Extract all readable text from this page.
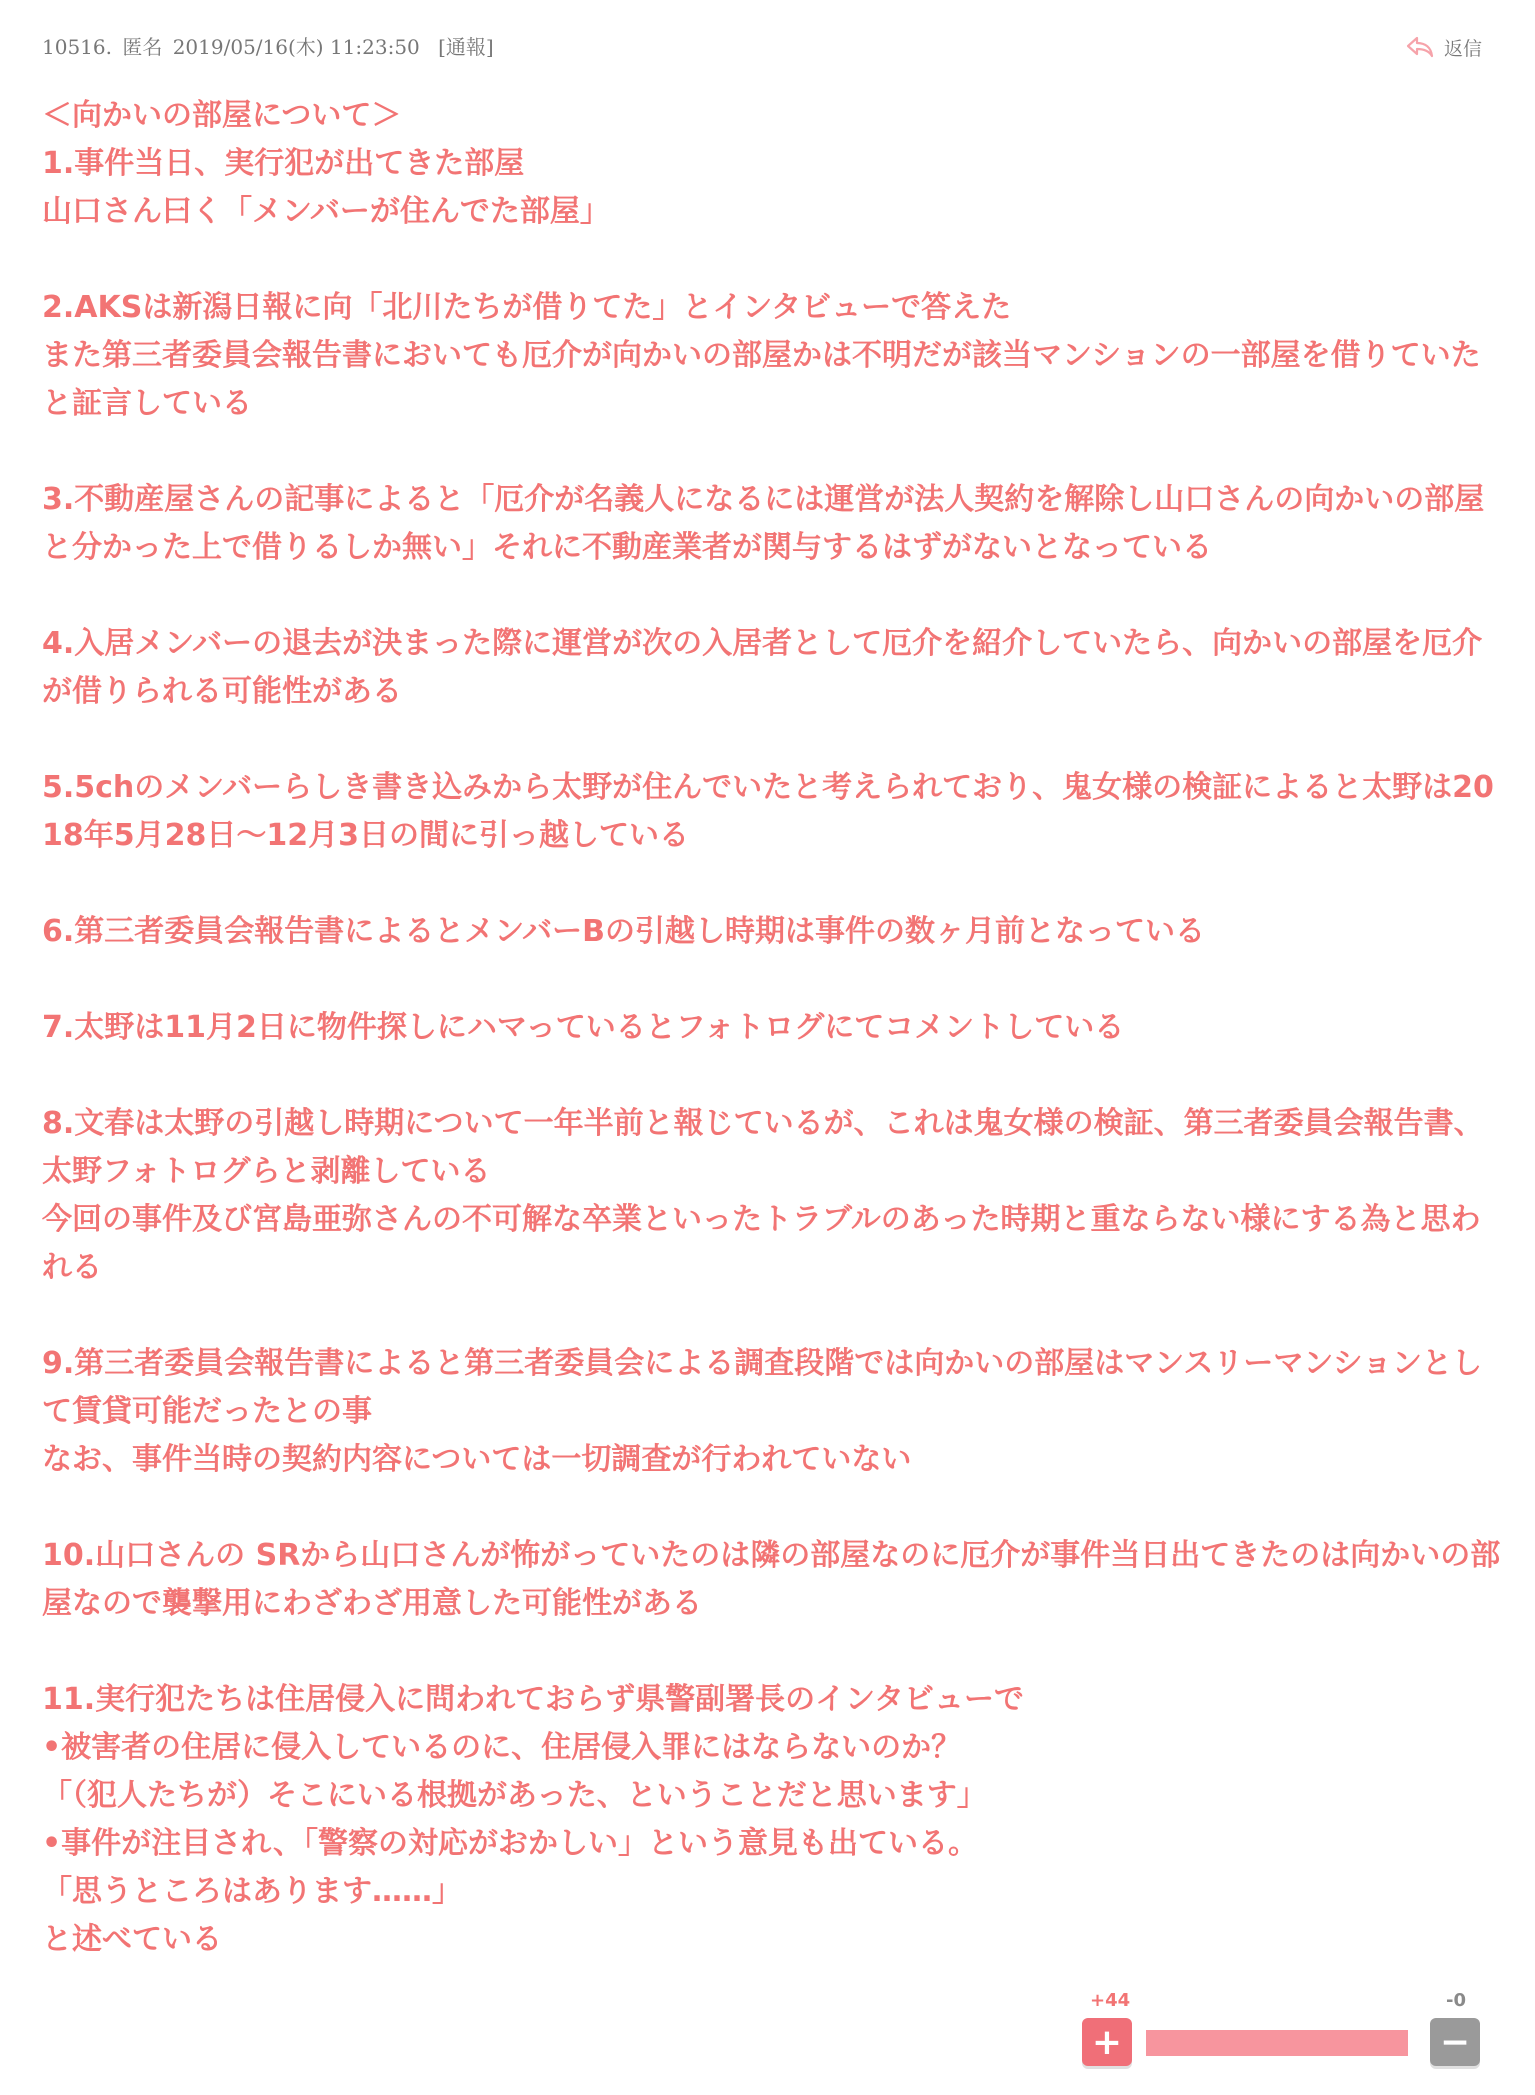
10516. 匿名 2019/05/16(木) 11:23:50 [通報]	返信
＜向かいの部屋について＞
1.事件当日、実行犯が出てきた部屋
山口さん曰く「メンバーが住んでた部屋」
2.AKSは新潟日報に向「北川たちが借りてた」とインタビューで答えた
また第三者委員会報告書においても厄介が向かいの部屋かは不明だが該当マンションの一部屋を借りていたと証言している
3.不動産屋さんの記事によると「厄介が名義人になるには運営が法人契約を解除し山口さんの向かいの部屋と分かった上で借りるしか無い」それに不動産業者が関与するはずがないとなっている
4.入居メンバーの退去が決まった際に運営が次の入居者として厄介を紹介していたら、向かいの部屋を厄介が借りられる可能性がある
5.5chのメンバーらしき書き込みから太野が住んでいたと考えられており、鬼女様の検証によると太野は2018年5月28日〜12月3日の間に引っ越している
6.第三者委員会報告書によるとメンバーBの引越し時期は事件の数ヶ月前となっている
7.太野は11月2日に物件探しにハマっているとフォトログにてコメントしている
8.文春は太野の引越し時期について一年半前と報じているが、これは鬼女様の検証、第三者委員会報告書、太野フォトログらと剥離している
今回の事件及び宮島亜弥さんの不可解な卒業といったトラブルのあった時期と重ならない様にする為と思われる
9.第三者委員会報告書によると第三者委員会による調査段階では向かいの部屋はマンスリーマンションとして賃貸可能だったとの事
なお、事件当時の契約内容については一切調査が行われていない
10.山口さんの SRから山口さんが怖がっていたのは隣の部屋なのに厄介が事件当日出てきたのは向かいの部屋なので襲撃用にわざわざ用意した可能性がある
11.実行犯たちは住居侵入に問われておらず県警副署長のインタビューで
•被害者の住居に侵入しているのに、住居侵入罪にはならないのか？
「（犯人たちが）そこにいる根拠があった、ということだと思います」
•事件が注目され、「警察の対応がおかしい」という意見も出ている。
「思うところはあります……」
と述べている
+44	-0
+	−
